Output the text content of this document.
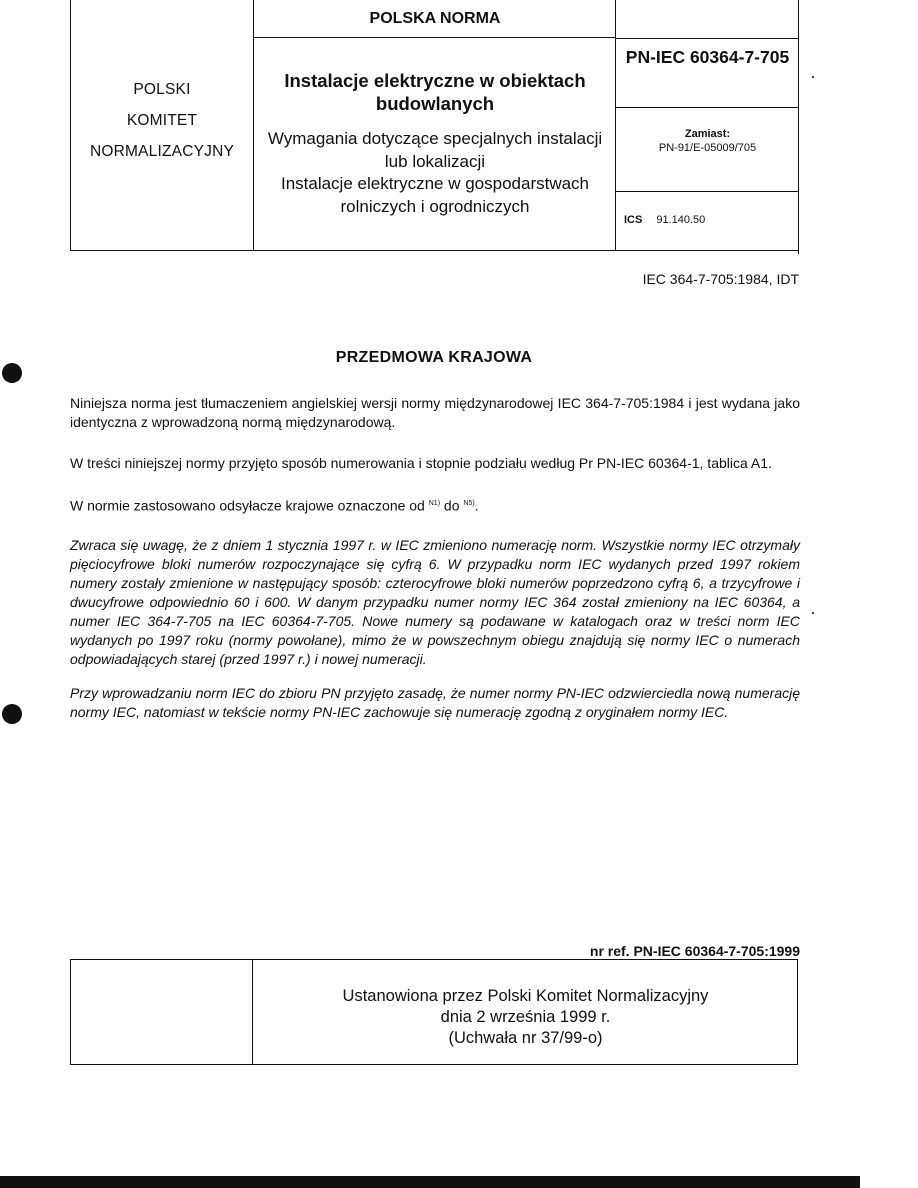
POLSKI
KOMITET
NORMALIZACYJNY
POLSKA NORMA
Instalacje elektryczne w obiektach
budowlanych
Wymagania dotyczące specjalnych instalacji
lub lokalizacji
Instalacje elektryczne w gospodarstwach
rolniczych i ogrodniczych
PN-IEC 60364-7-705
Zamiast:
PN-91/E-05009/705
ICS 91.140.50
IEC 364-7-705:1984, IDT
PRZEDMOWA KRAJOWA
Niniejsza norma jest tłumaczeniem angielskiej wersji normy międzynarodowej IEC 364-7-705:1984 i jest wydana jako identyczna z wprowadzoną normą międzynarodową.
W treści niniejszej normy przyjęto sposób numerowania i stopnie podziału według Pr PN-IEC 60364-1, tablica A1.
W normie zastosowano odsyłacze krajowe oznaczone od $^{N1)}$ do $^{N5)}$.
Zwraca się uwagę, że z dniem 1 stycznia 1997 r. w IEC zmieniono numerację norm. Wszystkie normy IEC otrzymały pięciocyfrowe bloki numerów rozpoczynające się cyfrą 6. W przypadku norm IEC wydanych przed 1997 rokiem numery zostały zmienione w następujący sposób: czterocyfrowe bloki numerów poprzedzono cyfrą 6, a trzycyfrowe i dwucyfrowe odpowiednio 60 i 600. W danym przypadku numer normy IEC 364 został zmieniony na IEC 60364, a numer IEC 364-7-705 na IEC 60364-7-705. Nowe numery są podawane w katalogach oraz w treści norm IEC wydanych po 1997 roku (normy powołane), mimo że w powszechnym obiegu znajdują się normy IEC o numerach odpowiadających starej (przed 1997 r.) i nowej numeracji.
Przy wprowadzaniu norm IEC do zbioru PN przyjęto zasadę, że numer normy PN-IEC odzwierciedla nową numerację normy IEC, natomiast w tekście normy PN-IEC zachowuje się numerację zgodną z oryginałem normy IEC.
nr ref. PN-IEC 60364-7-705:1999
Ustanowiona przez Polski Komitet Normalizacyjny
dnia 2 września 1999 r.
(Uchwała nr 37/99-o)
